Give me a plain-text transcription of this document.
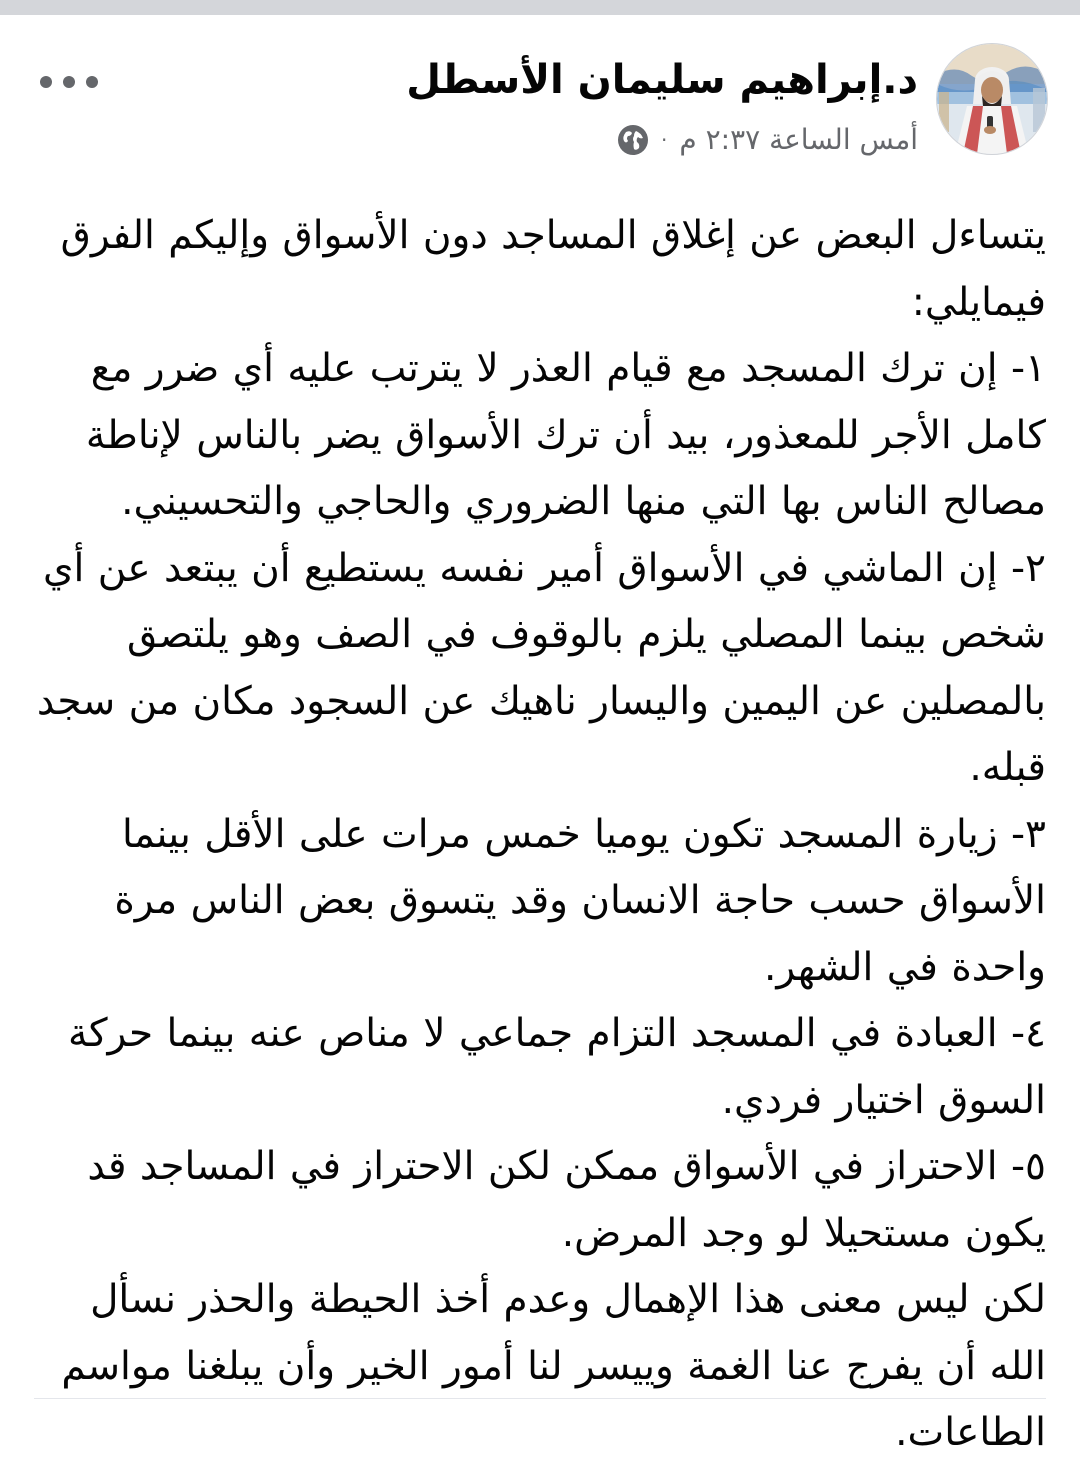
د.إبراهيم سليمان الأسطل
أمس الساعة ٢:٣٧ م
·

يتساءل البعض عن إغلاق المساجد دون الأسواق وإليكم الفرق فيمايلي:

١- إن ترك المسجد مع قيام العذر لا يترتب عليه أي ضرر مع كامل الأجر للمعذور، بيد أن ترك الأسواق يضر بالناس لإناطة مصالح الناس بها التي منها الضروري والحاجي والتحسيني.

٢- إن الماشي في الأسواق أمير نفسه يستطيع أن يبتعد عن أي شخص بينما المصلي يلزم بالوقوف في الصف وهو يلتصق بالمصلين عن اليمين واليسار ناهيك عن السجود مكان من سجد قبله.

٣- زيارة المسجد تكون يوميا خمس مرات على الأقل بينما الأسواق حسب حاجة الانسان وقد يتسوق بعض الناس مرة واحدة في الشهر.

٤- العبادة في المسجد التزام جماعي لا مناص عنه بينما حركة السوق اختيار فردي.

٥- الاحتراز في الأسواق ممكن لكن الاحتراز في المساجد قد يكون مستحيلا لو وجد المرض.

لكن ليس معنى هذا الإهمال وعدم أخذ الحيطة والحذر نسأل الله أن يفرج عنا الغمة وييسر لنا أمور الخير وأن يبلغنا مواسم الطاعات.
